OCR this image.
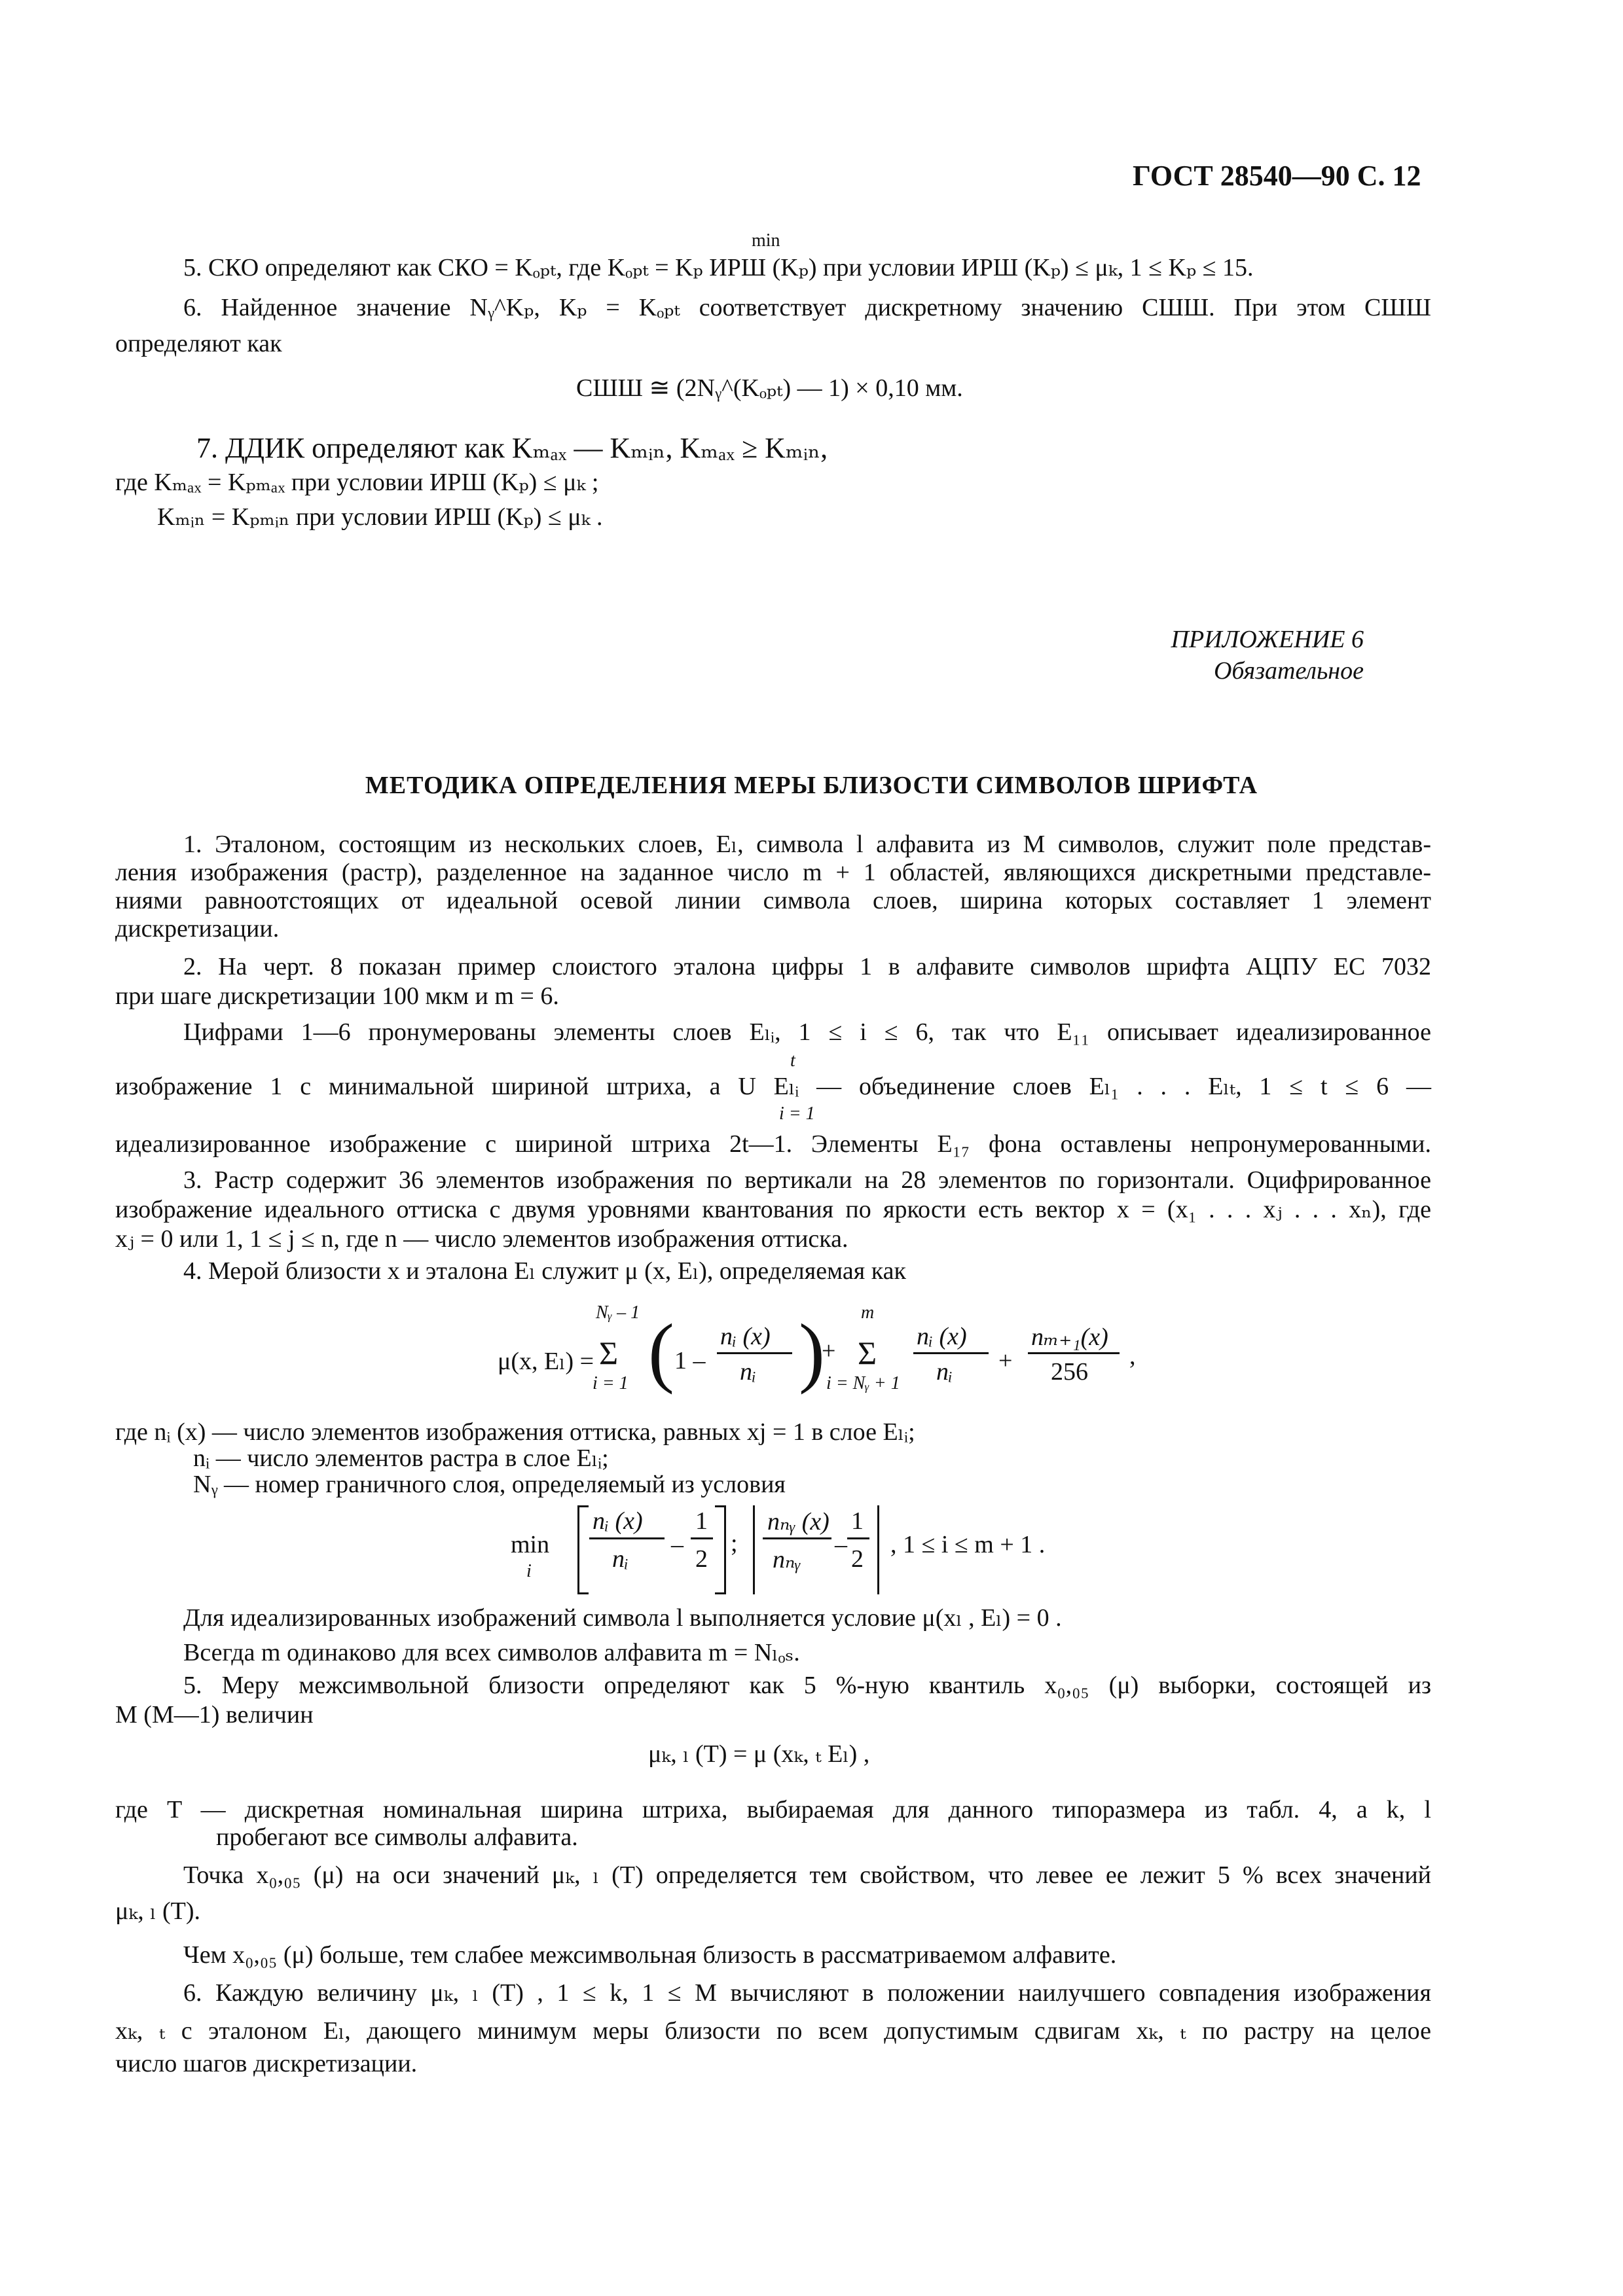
ГОСТ 28540—90 С. 12
min
5. СКО определяют как СКО = Kₒₚₜ, где Kₒₚₜ = Kₚ ИРШ (Kₚ) при условии ИРШ (Kₚ) ≤ μₖ, 1 ≤ Kₚ ≤ 15.
6. Найденное значение Nᵧ^Kₚ, Kₚ = Kₒₚₜ соответствует дискретному значению СШШ. При этом СШШ
определяют как
СШШ ≅ (2Nᵧ^(Kₒₚₜ) — 1) × 0,10 мм.
7. ДДИК определяют как Kₘₐₓ — Kₘᵢₙ, Kₘₐₓ ≥ Kₘᵢₙ,
где Kₘₐₓ = Kₚₘₐₓ при условии ИРШ (Kₚ) ≤ μₖ ;
Kₘᵢₙ = Kₚₘᵢₙ при условии ИРШ (Kₚ) ≤ μₖ .
ПРИЛОЖЕНИЕ 6
Обязательное
МЕТОДИКА ОПРЕДЕЛЕНИЯ МЕРЫ БЛИЗОСТИ СИМВОЛОВ ШРИФТА
1. Эталоном, состоящим из нескольких слоев, Eₗ, символа l алфавита из M символов, служит поле представ-
ления изображения (растр), разделенное на заданное число m + 1 областей, являющихся дискретными представле-
ниями равноотстоящих от идеальной осевой линии символа слоев, ширина которых составляет 1 элемент
дискретизации.
2. На черт. 8 показан пример слоистого эталона цифры 1 в алфавите символов шрифта АЦПУ ЕС 7032
при шаге дискретизации 100 мкм и m = 6.
Цифрами 1—6 пронумерованы элементы слоев Eₗᵢ, 1 ≤ i ≤ 6, так что E₁₁ описывает идеализированное
t
изображение 1 с минимальной шириной штриха, а U Eₗᵢ — объединение слоев Eₗ₁ . . . Eₗₜ, 1 ≤ t ≤ 6 —
i = 1
идеализированное изображение с шириной штриха 2t—1. Элементы E₁₇ фона оставлены непронумерованными.
3. Растр содержит 36 элементов изображения по вертикали на 28 элементов по горизонтали. Оцифрированное
изображение идеального оттиска с двумя уровнями квантования по яркости есть вектор x = (x₁ . . . xⱼ . . . xₙ), где
xⱼ = 0 или 1, 1 ≤ j ≤ n, где n — число элементов изображения оттиска.
4. Мерой близости x и эталона Eₗ служит μ (x, Eₗ), определяемая как
μ(x, Eₗ) =
Nᵧ – 1
Σ
i = 1 ( 1 –
nᵢ (x)
nᵢ )
+
m
Σ
i = Nᵧ + 1
nᵢ (x)
nᵢ +
nₘ₊₁(x)
256
,
где nᵢ (x) — число элементов изображения оттиска, равных xj = 1 в слое Eₗᵢ;
nᵢ — число элементов растра в слое Eₗᵢ;
Nᵧ — номер граничного слоя, определяемый из условия
min
i
nᵢ (x)
nᵢ
–
1
2
;
nₙᵧ (x)
nₙᵧ
–
1
2
, 1 ≤ i ≤ m + 1 .
Для идеализированных изображений символа l выполняется условие μ(xₗ , Eₗ) = 0 .
Всегда m одинаково для всех символов алфавита m = Nₗₒₛ.
5. Меру межсимвольной близости определяют как 5 %-ную квантиль x₀,₀₅ (μ) выборки, состоящей из
M (M—1) величин
μₖ, ₗ (T) = μ (xₖ, ₜ Eₗ) ,
где T — дискретная номинальная ширина штриха, выбираемая для данного типоразмера из табл. 4, а k, l
пробегают все символы алфавита.
Точка x₀,₀₅ (μ) на оси значений μₖ, ₗ (T) определяется тем свойством, что левее ее лежит 5 % всех значений
μₖ, ₗ (T).
Чем x₀,₀₅ (μ) больше, тем слабее межсимвольная близость в рассматриваемом алфавите.
6. Каждую величину μₖ, ₗ (T) , 1 ≤ k, 1 ≤ M вычисляют в положении наилучшего совпадения изображения
xₖ, ₜ с эталоном Eₗ, дающего минимум меры близости по всем допустимым сдвигам xₖ, ₜ по растру на целое
число шагов дискретизации.
